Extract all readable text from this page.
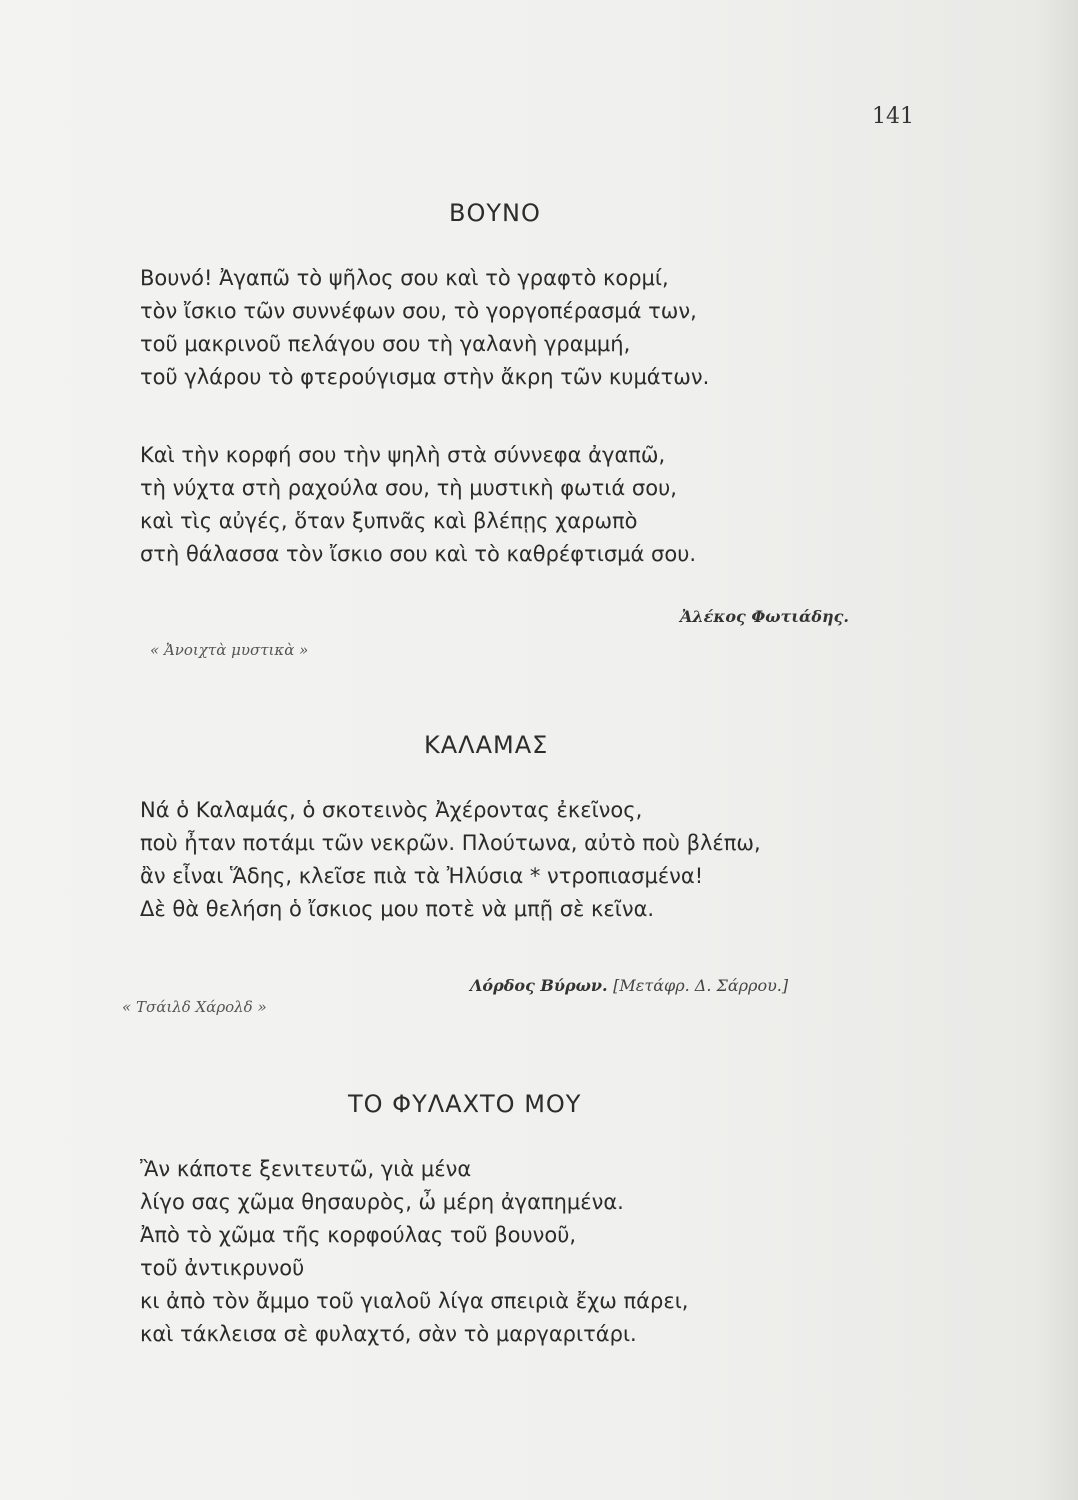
141
ΒΟΥΝΟ
Βουνό! Ἀγαπῶ τὸ ψῆλος σου καὶ τὸ γραφτὸ κορμί,
τὸν ἴσκιο τῶν συννέφων σου, τὸ γοργοπέρασμά των,
τοῦ μακρινοῦ πελάγου σου τὴ γαλανὴ γραμμή,
τοῦ γλάρου τὸ φτερούγισμα στὴν ἄκρη τῶν κυμάτων.
Καὶ τὴν κορφή σου τὴν ψηλὴ στὰ σύννεφα ἀγαπῶ,
τὴ νύχτα στὴ ραχούλα σου, τὴ μυστικὴ φωτιά σου,
καὶ τὶς αὐγές, ὅταν ξυπνᾶς καὶ βλέπῃς χαρωπὸ
στὴ θάλασσα τὸν ἴσκιο σου καὶ τὸ καθρέφτισμά σου.
Ἀλέκος Φωτιάδης.
« Ἀνοιχτὰ μυστικὰ »
ΚΑΛΑΜΑΣ
Νά ὁ Καλαμάς, ὁ σκοτεινὸς Ἀχέροντας ἐκεῖνος,
ποὺ ἦταν ποτάμι τῶν νεκρῶν. Πλούτωνα, αὐτὸ ποὺ βλέπω,
ἂν εἶναι Ἅδης, κλεῖσε πιὰ τὰ Ἠλύσια * ντροπιασμένα!
Δὲ θὰ θελήση ὁ ἴσκιος μου ποτὲ νὰ μπῇ σὲ κεῖνα.
Λόρδος Βύρων. [Μετάφρ. Δ. Σάρρου.]
« Τσάιλδ Χάρολδ »
ΤΟ ΦΥΛΑΧΤΟ ΜΟΥ
Ἂν κάποτε ξενιτευτῶ, γιὰ μένα
λίγο σας χῶμα θησαυρὸς, ὦ μέρη ἀγαπημένα.
Ἀπὸ τὸ χῶμα τῆς κορφούλας τοῦ βουνοῦ,
τοῦ ἀντικρυνοῦ
κι ἀπὸ τὸν ἄμμο τοῦ γιαλοῦ λίγα σπειριὰ ἔχω πάρει,
καὶ τάκλεισα σὲ φυλαχτό, σὰν τὸ μαργαριτάρι.
